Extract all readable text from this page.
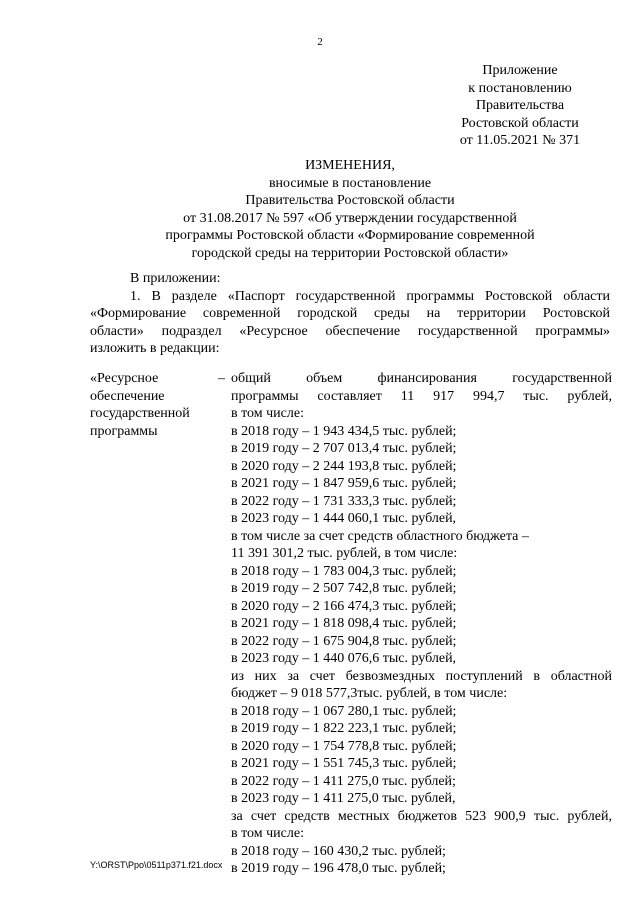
2
Приложение
к постановлению
Правительства
Ростовской области
от 11.05.2021 № 371
ИЗМЕНЕНИЯ,
вносимые в постановление
Правительства Ростовской области
от 31.08.2017 № 597 «Об утверждении государственной
программы Ростовской области «Формирование современной
городской среды на территории Ростовской области»

В приложении:

1. В разделе «Паспорт государственной программы Ростовской области

«Формирование современной городской среды на территории Ростовской

области» подраздел «Ресурсное обеспечение государственной программы»

изложить в редакции:

«Ресурсное
обеспечение
государственной
программы
– общий объем финансирования государственной
программы составляет 11 917 994,7 тыс. рублей,
в том числе:
в 2018 году – 1 943 434,5 тыс. рублей;
в 2019 году – 2 707 013,4 тыс. рублей;
в 2020 году – 2 244 193,8 тыс. рублей;
в 2021 году – 1 847 959,6 тыс. рублей;
в 2022 году – 1 731 333,3 тыс. рублей;
в 2023 году – 1 444 060,1 тыс. рублей,
в том числе за счет средств областного бюджета –
11 391 301,2 тыс. рублей, в том числе:
в 2018 году – 1 783 004,3 тыс. рублей;
в 2019 году – 2 507 742,8 тыс. рублей;
в 2020 году – 2 166 474,3 тыс. рублей;
в 2021 году – 1 818 098,4 тыс. рублей;
в 2022 году – 1 675 904,8 тыс. рублей;
в 2023 году – 1 440 076,6 тыс. рублей,
из них за счет безвозмездных поступлений в областной
бюджет – 9 018 577,3тыс. рублей, в том числе:
в 2018 году – 1 067 280,1 тыс. рублей;
в 2019 году – 1 822 223,1 тыс. рублей;
в 2020 году – 1 754 778,8 тыс. рублей;
в 2021 году – 1 551 745,3 тыс. рублей;
в 2022 году – 1 411 275,0 тыс. рублей;
в 2023 году – 1 411 275,0 тыс. рублей,
за счет средств местных бюджетов 523 900,9 тыс. рублей,
в том числе:
в 2018 году – 160 430,2 тыс. рублей;
в 2019 году – 196 478,0 тыс. рублей;
Y:\ORST\Ppo\0511p371.f21.docx
